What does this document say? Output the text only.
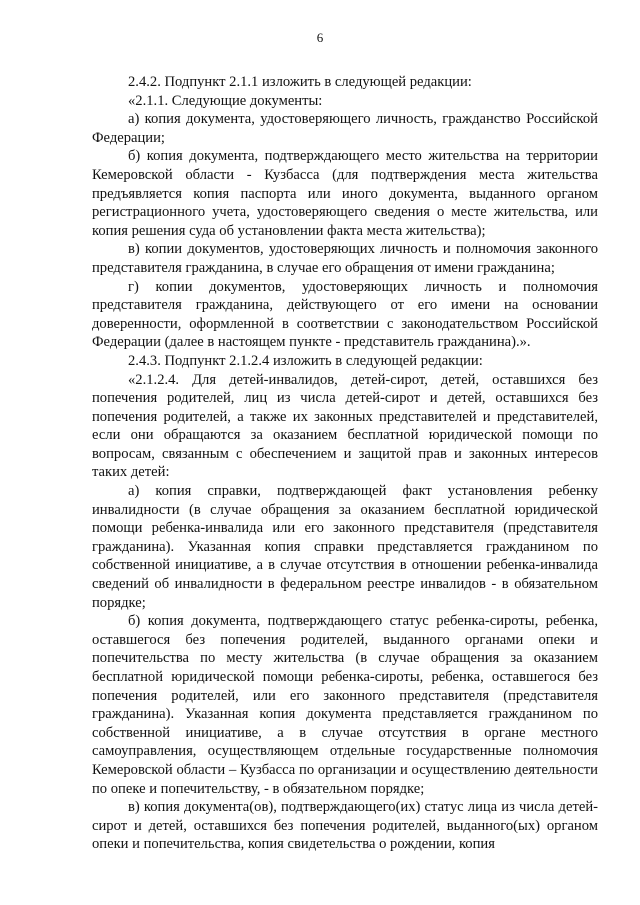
6

2.4.2. Подпункт 2.1.1 изложить в следующей редакции:

«2.1.1. Следующие документы:

а) копия документа, удостоверяющего личность, гражданство Российской Федерации;

б) копия документа, подтверждающего место жительства на территории Кемеровской области - Кузбасса (для подтверждения места жительства предъявляется копия паспорта или иного документа, выданного органом регистрационного учета, удостоверяющего сведения о месте жительства, или копия решения суда об установлении факта места жительства);

в) копии документов, удостоверяющих личность и полномочия законного представителя гражданина, в случае его обращения от имени гражданина;

г) копии документов, удостоверяющих личность и полномочия представителя гражданина, действующего от его имени на основании доверенности, оформленной в соответствии с законодательством Российской Федерации (далее в настоящем пункте - представитель гражданина).».

2.4.3. Подпункт 2.1.2.4 изложить в следующей редакции:

«2.1.2.4. Для детей-инвалидов, детей-сирот, детей, оставшихся без попечения родителей, лиц из числа детей-сирот и детей, оставшихся без попечения родителей, а также их законных представителей и представителей, если они обращаются за оказанием бесплатной юридической помощи по вопросам, связанным с обеспечением и защитой прав и законных интересов таких детей:

а) копия справки, подтверждающей факт установления ребенку инвалидности (в случае обращения за оказанием бесплатной юридической помощи ребенка-инвалида или его законного представителя (представителя гражданина). Указанная копия справки представляется гражданином по собственной инициативе, а в случае отсутствия в отношении ребенка-инвалида сведений об инвалидности в федеральном реестре инвалидов - в обязательном порядке;

б) копия документа, подтверждающего статус ребенка-сироты, ребенка, оставшегося без попечения родителей, выданного органами опеки и попечительства по месту жительства (в случае обращения за оказанием бесплатной юридической помощи ребенка-сироты, ребенка, оставшегося без попечения родителей, или его законного представителя (представителя гражданина). Указанная копия документа представляется гражданином по собственной инициативе, а в случае отсутствия в органе местного самоуправления, осуществляющем отдельные государственные полномочия Кемеровской области – Кузбасса по организации и осуществлению деятельности по опеке и попечительству, - в обязательном порядке;

в) копия документа(ов), подтверждающего(их) статус лица из числа детей-сирот и детей, оставшихся без попечения родителей, выданного(ых) органом опеки и попечительства, копия свидетельства о рождении, копия
